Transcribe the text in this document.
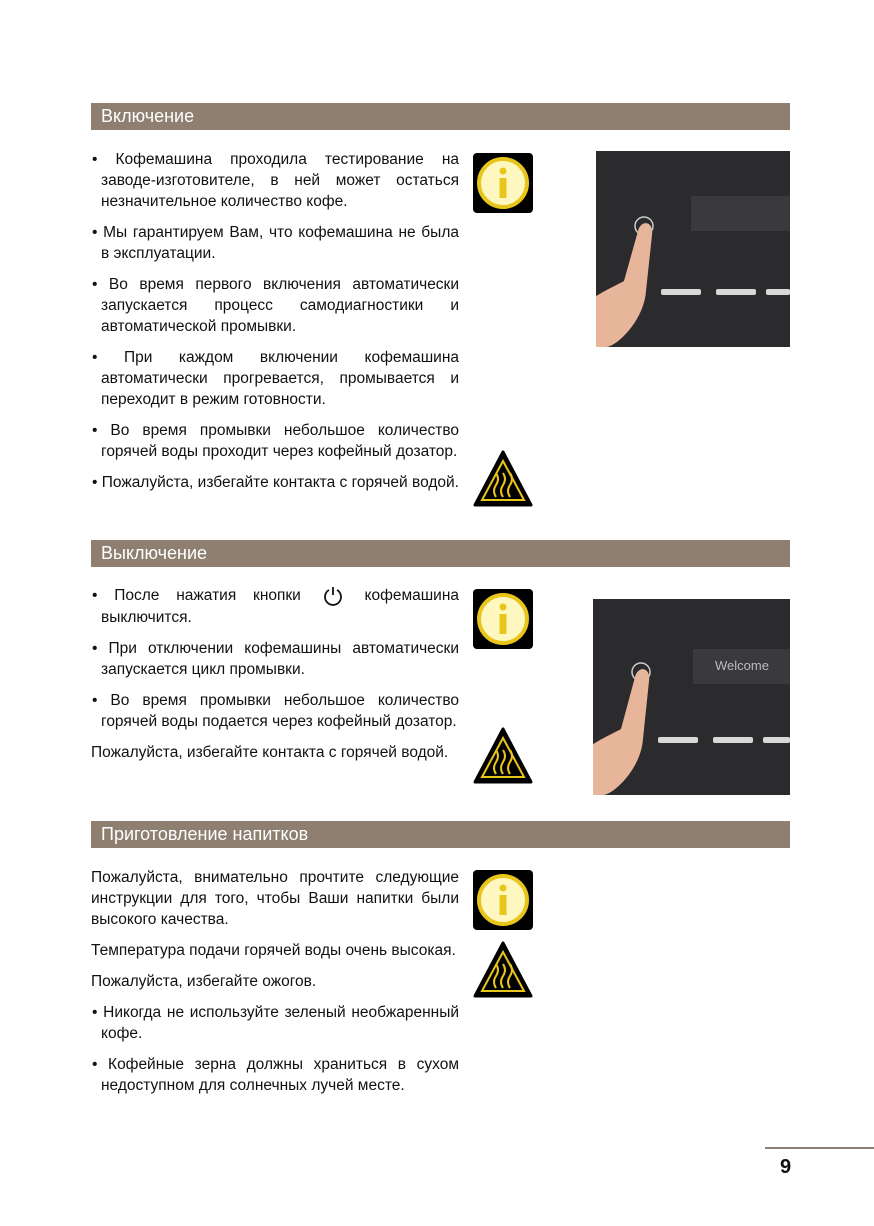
Включение

• Кофемашина проходила тестирование на заводе-изготовителе, в ней может остаться незначительное количество кофе.

• Мы гарантируем Вам, что кофемашина не была в эксплуатации.

• Во время первого включения автоматически запускается процесс самодиагностики и автоматической промывки.

• При каждом включении кофемашина автоматически прогревается, промывается и переходит в режим готовности.

• Во время промывки небольшое количество горячей воды проходит через кофейный дозатор.

• Пожалуйста, избегайте контакта с горячей водой.

Выключение

• После нажатия кнопки	кофемашина выключится.

• При отключении кофемашины автоматически запускается цикл промывки.

• Во время промывки небольшое количество горячей воды подается через кофейный дозатор.

Пожалуйста, избегайте контакта с горячей водой.

Welcome
Приготовление напитков

Пожалуйста, внимательно прочтите следующие инструкции для того, чтобы Ваши напитки были высокого качества.

Температура подачи горячей воды очень высокая.

Пожалуйста, избегайте ожогов.

• Никогда не используйте зеленый необжаренный кофе.

• Кофейные зерна должны храниться в сухом недоступном для солнечных лучей месте.

9
